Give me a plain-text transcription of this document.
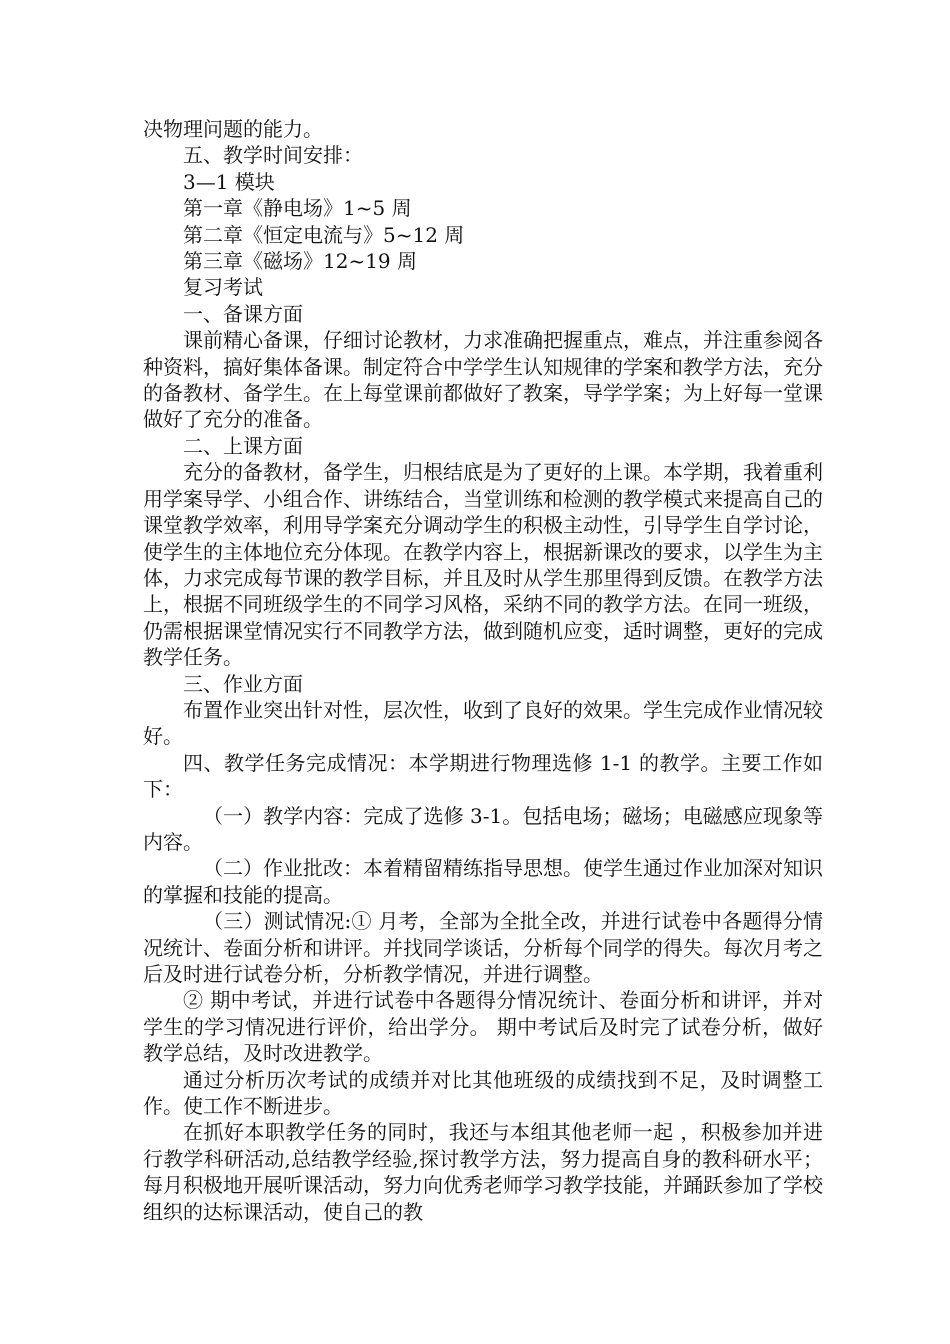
决物理问题的能力。

五、教学时间安排：

3—1 模块

第一章《静电场》1~5 周

第二章《恒定电流与》5~12 周

第三章《磁场》12~19 周

复习考试

一、备课方面

课前精心备课，仔细讨论教材，力求准确把握重点，难点，并注重参阅各种资料，搞好集体备课。制定符合中学学生认知规律的学案和教学方法，充分的备教材、备学生。在上每堂课前都做好了教案，导学学案；为上好每一堂课做好了充分的准备。

二、上课方面

充分的备教材，备学生，归根结底是为了更好的上课。本学期，我着重利用学案导学、小组合作、讲练结合，当堂训练和检测的教学模式来提高自己的课堂教学效率，利用导学案充分调动学生的积极主动性，引导学生自学讨论，使学生的主体地位充分体现。在教学内容上，根据新课改的要求，以学生为主体，力求完成每节课的教学目标，并且及时从学生那里得到反馈。在教学方法上，根据不同班级学生的不同学习风格，采纳不同的教学方法。在同一班级，仍需根据课堂情况实行不同教学方法，做到随机应变，适时调整，更好的完成教学任务。

三、作业方面

布置作业突出针对性，层次性，收到了良好的效果。学生完成作业情况较好。

四、教学任务完成情况：本学期进行物理选修 1-1 的教学。主要工作如下：

（一）教学内容：完成了选修 3-1。包括电场；磁场；电磁感应现象等内容。

（二）作业批改：本着精留精练指导思想。使学生通过作业加深对知识的掌握和技能的提高。

（三）测试情况:① 月考，全部为全批全改，并进行试卷中各题得分情况统计、卷面分析和讲评。并找同学谈话，分析每个同学的得失。每次月考之后及时进行试卷分析，分析教学情况，并进行调整。

② 期中考试，并进行试卷中各题得分情况统计、卷面分析和讲评，并对学生的学习情况进行评价，给出学分。 期中考试后及时完了试卷分析，做好教学总结，及时改进教学。

通过分析历次考试的成绩并对比其他班级的成绩找到不足，及时调整工作。使工作不断进步。

在抓好本职教学任务的同时，我还与本组其他老师一起 ，积极参加并进行教学科研活动,总结教学经验,探讨教学方法，努力提高自身的教科研水平；每月积极地开展听课活动，努力向优秀老师学习教学技能，并踊跃参加了学校组织的达标课活动，使自己的教
